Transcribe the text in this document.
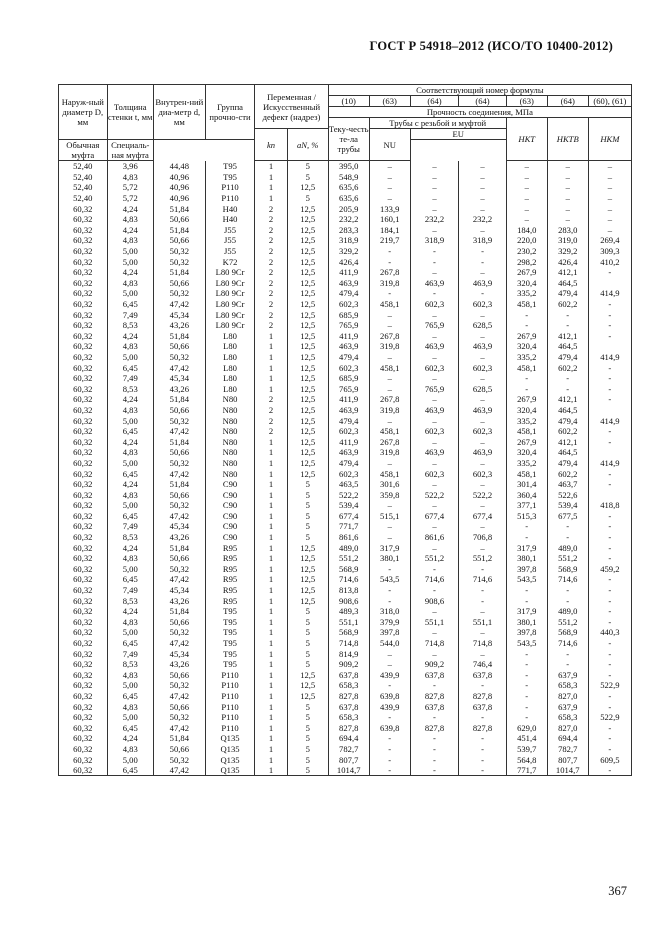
ГОСТ Р 54918–2012 (ИСО/ТО 10400-2012)
Наруж-ный диаметр D, мм	Толщина стенки t, мм	Внутрен-ний диа-метр d, мм	Группа прочно-сти	Переменная /Искусственный дефект (надрез)		Соответствующий номер формулы						
						(10)	(63)	(64)	(64)	(63)	(64)	(60), (61)
						Прочность соединения, МПа						
						Теку-честь те-ла трубы	Трубы с резьбой и муфтой			НКТ	НКТВ	НКМ
				kn	aN, %		NU	EU				
Обычная муфта	Специаль-ная муфта											
52,40	3,96	44,48	T95	1	5	395,0	–	–	–	–	–	–
52,40	4,83	40,96	T95	1	5	548,9	–	–	–	–	–	–
52,40	5,72	40,96	P110	1	12,5	635,6	–	–	–	–	–	–
52,40	5,72	40,96	P110	1	5	635,6	–	–	–	–	–	–
60,32	4,24	51,84	H40	2	12,5	205,9	133,9	–	–	–	–	–
60,32	4,83	50,66	H40	2	12,5	232,2	160,1	232,2	232,2	–	–	–
60,32	4,24	51,84	J55	2	12,5	283,3	184,1	–	–	184,0	283,0	–
60,32	4,83	50,66	J55	2	12,5	318,9	219,7	318,9	318,9	220,0	319,0	269,4
60,32	5,00	50,32	J55	2	12,5	329,2	-	-	-	230,2	329,2	309,3
60,32	5,00	50,32	K72	2	12,5	426,4	-	-	-	298,2	426,4	410,2
60,32	4,24	51,84	L80 9Cr	2	12,5	411,9	267,8	–	–	267,9	412,1	-
60,32	4,83	50,66	L80 9Cr	2	12,5	463,9	319,8	463,9	463,9	320,4	464,5	
60,32	5,00	50,32	L80 9Cr	2	12,5	479,4	-	-	-	335,2	479,4	414,9
60,32	6,45	47,42	L80 9Cr	2	12,5	602,3	458,1	602,3	602,3	458,1	602,2	-
60,32	7,49	45,34	L80 9Cr	2	12,5	685,9	–	–	–	-	-	-
60,32	8,53	43,26	L80 9Cr	2	12,5	765,9	–	765,9	628,5	-	-	-
60,32	4,24	51,84	L80	1	12,5	411,9	267,8	–	–	267,9	412,1	-
60,32	4,83	50,66	L80	1	12,5	463,9	319,8	463,9	463,9	320,4	464,5	
60,32	5,00	50,32	L80	1	12,5	479,4	–	–	–	335,2	479,4	414,9
60,32	6,45	47,42	L80	1	12,5	602,3	458,1	602,3	602,3	458,1	602,2	-
60,32	7,49	45,34	L80	1	12,5	685,9	–	–	–	-	-	-
60,32	8,53	43,26	L80	1	12,5	765,9	–	765,9	628,5	-	-	-
60,32	4,24	51,84	N80	2	12,5	411,9	267,8	–	–	267,9	412,1	-
60,32	4,83	50,66	N80	2	12,5	463,9	319,8	463,9	463,9	320,4	464,5	
60,32	5,00	50,32	N80	2	12,5	479,4	–	–	–	335,2	479,4	414,9
60,32	6,45	47,42	N80	2	12,5	602,3	458,1	602,3	602,3	458,1	602,2	-
60,32	4,24	51,84	N80	1	12,5	411,9	267,8	–	–	267,9	412,1	-
60,32	4,83	50,66	N80	1	12,5	463,9	319,8	463,9	463,9	320,4	464,5	
60,32	5,00	50,32	N80	1	12,5	479,4	–	–	–	335,2	479,4	414,9
60,32	6,45	47,42	N80	1	12,5	602,3	458,1	602,3	602,3	458,1	602,2	-
60,32	4,24	51,84	C90	1	5	463,5	301,6	–	–	301,4	463,7	-
60,32	4,83	50,66	C90	1	5	522,2	359,8	522,2	522,2	360,4	522,6	
60,32	5,00	50,32	C90	1	5	539,4	–	–	–	377,1	539,4	418,8
60,32	6,45	47,42	C90	1	5	677,4	515,1	677,4	677,4	515,3	677,5	-
60,32	7,49	45,34	C90	1	5	771,7	–	–	–	-	-	-
60,32	8,53	43,26	C90	1	5	861,6	–	861,6	706,8	-	-	-
60,32	4,24	51,84	R95	1	12,5	489,0	317,9	–	–	317,9	489,0	-
60,32	4,83	50,66	R95	1	12,5	551,2	380,1	551,2	551,2	380,1	551,2	-
60,32	5,00	50,32	R95	1	12,5	568,9	-	-	-	397,8	568,9	459,2
60,32	6,45	47,42	R95	1	12,5	714,6	543,5	714,6	714,6	543,5	714,6	-
60,32	7,49	45,34	R95	1	12,5	813,8	-	-	-	-	-	-
60,32	8,53	43,26	R95	1	12,5	908,6	-	908,6	-	-	-	-
60,32	4,24	51,84	T95	1	5	489,3	318,0	–	–	317,9	489,0	-
60,32	4,83	50,66	T95	1	5	551,1	379,9	551,1	551,1	380,1	551,2	-
60,32	5,00	50,32	T95	1	5	568,9	397,8	–	–	397,8	568,9	440,3
60,32	6,45	47,42	T95	1	5	714,8	544,0	714,8	714,8	543,5	714,6	-
60,32	7,49	45,34	T95	1	5	814,9	–	–	–	-	-	-
60,32	8,53	43,26	T95	1	5	909,2	–	909,2	746,4	-	-	-
60,32	4,83	50,66	P110	1	12,5	637,8	439,9	637,8	637,8	-	637,9	-
60,32	5,00	50,32	P110	1	12,5	658,3	-	-	-	-	658,3	522,9
60,32	6,45	47,42	P110	1	12,5	827,8	639,8	827,8	827,8	-	827,0	-
60,32	4,83	50,66	P110	1	5	637,8	439,9	637,8	637,8	-	637,9	-
60,32	5,00	50,32	P110	1	5	658,3	-	-	-	-	658,3	522,9
60,32	6,45	47,42	P110	1	5	827,8	639,8	827,8	827,8	629,0	827,0	-
60,32	4,24	51,84	Q135	1	5	694,4	-	-	-	451,4	694,4	-
60,32	4,83	50,66	Q135	1	5	782,7	-	-	-	539,7	782,7	-
60,32	5,00	50,32	Q135	1	5	807,7	-	-	-	564,8	807,7	609,5
60,32	6,45	47,42	Q135	1	5	1014,7	-	-	-	771,7	1014,7	-
367
